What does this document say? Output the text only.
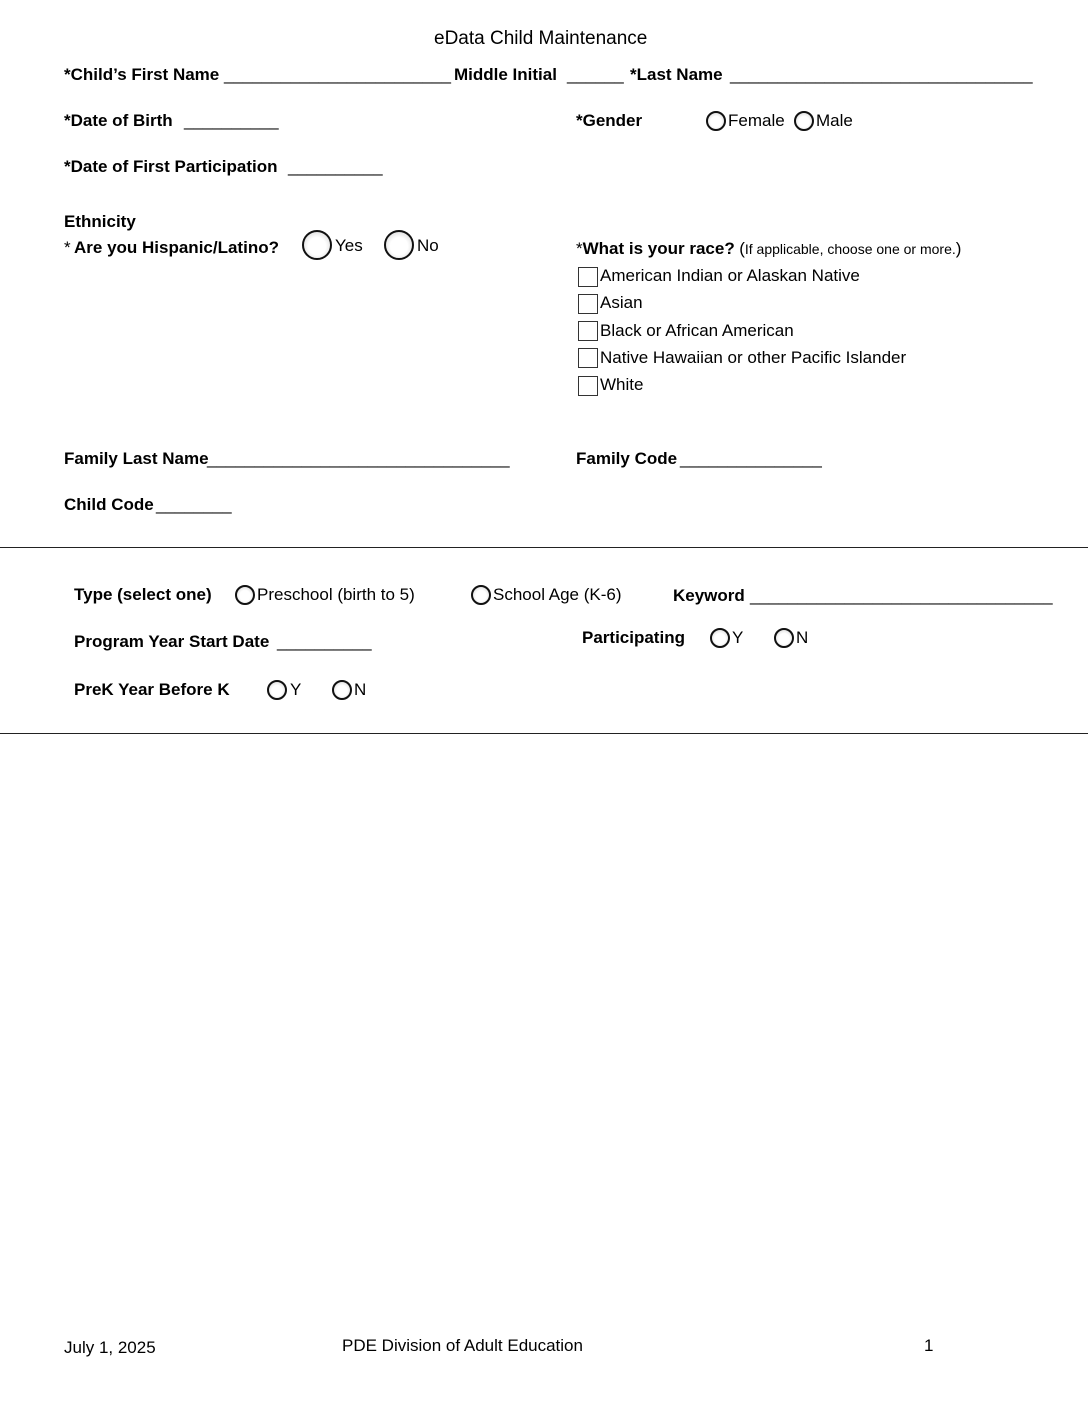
eData Child Maintenance
*Child’s First Name ________________________ Middle Initial ______ *Last Name ________________________________
*Date of Birth __________	*Gender	Female Male
*Date of First Participation __________
Ethnicity
* Are you Hispanic/Latino?	Yes	No	*What is your race? (If applicable, choose one or more.)
American Indian or Alaskan Native
Asian
Black or African American
Native Hawaiian or other Pacific Islander
White
Family Last Name
________________________________	Family Code _______________
Child Code ________
Type (select one)	Preschool (birth to 5)	School Age (K-6)	Keyword ________________________________
Program Year Start Date __________	Participating	Y	N
PreK Year Before K	Y	N
July 1, 2025	PDE Division of Adult Education	1
